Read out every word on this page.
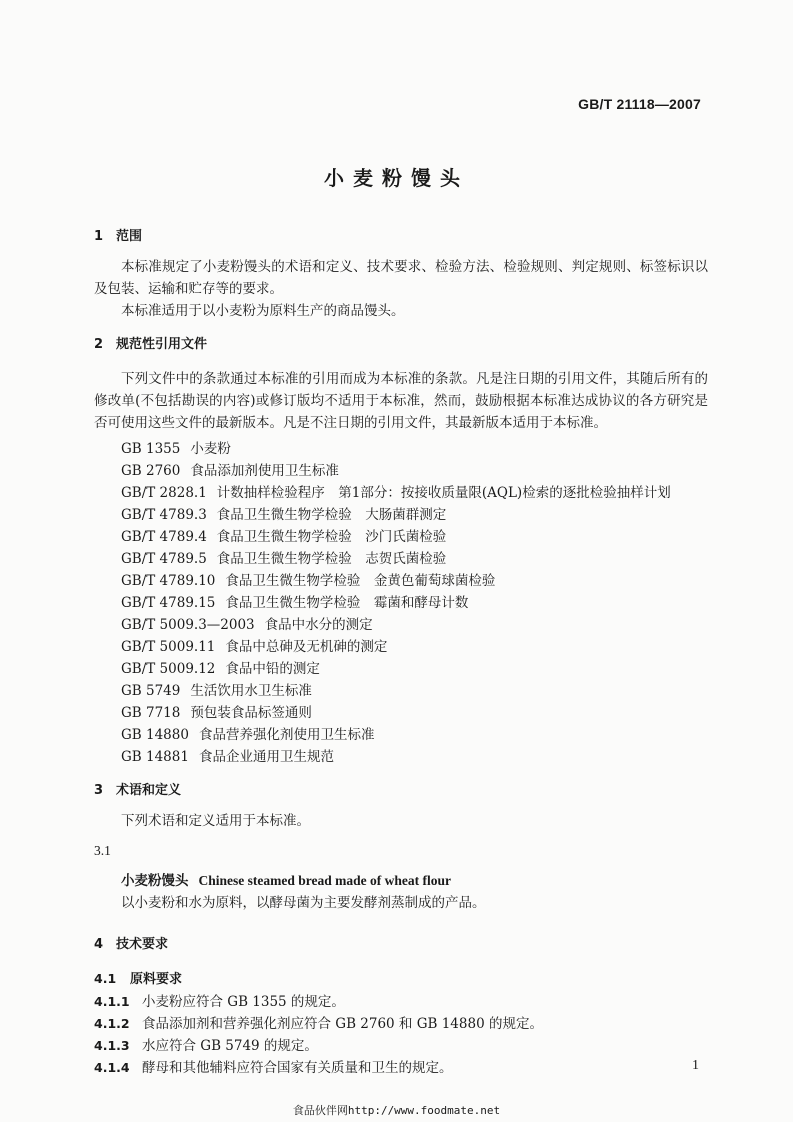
GB/T 21118—2007
小麦粉馒头

1 范围

本标准规定了小麦粉馒头的术语和定义、技术要求、检验方法、检验规则、判定规则、标签标识以及包装、运输和贮存等的要求。

本标准适用于以小麦粉为原料生产的商品馒头。

2 规范性引用文件

下列文件中的条款通过本标准的引用而成为本标准的条款。凡是注日期的引用文件，其随后所有的修改单(不包括勘误的内容)或修订版均不适用于本标准，然而，鼓励根据本标准达成协议的各方研究是否可使用这些文件的最新版本。凡是不注日期的引用文件，其最新版本适用于本标准。

GB 1355 小麦粉
GB 2760 食品添加剂使用卫生标准
GB/T 2828.1 计数抽样检验程序　第1部分：按接收质量限(AQL)检索的逐批检验抽样计划
GB/T 4789.3 食品卫生微生物学检验　大肠菌群测定
GB/T 4789.4 食品卫生微生物学检验　沙门氏菌检验
GB/T 4789.5 食品卫生微生物学检验　志贺氏菌检验
GB/T 4789.10 食品卫生微生物学检验　金黄色葡萄球菌检验
GB/T 4789.15 食品卫生微生物学检验　霉菌和酵母计数
GB/T 5009.3—2003 食品中水分的测定
GB/T 5009.11 食品中总砷及无机砷的测定
GB/T 5009.12 食品中铅的测定
GB 5749 生活饮用水卫生标准
GB 7718 预包装食品标签通则
GB 14880 食品营养强化剂使用卫生标准
GB 14881 食品企业通用卫生规范

3 术语和定义

下列术语和定义适用于本标准。

3.1

小麦粉馒头 Chinese steamed bread made of wheat flour

以小麦粉和水为原料，以酵母菌为主要发酵剂蒸制成的产品。

4 技术要求

4.1 原料要求

4.1.1 小麦粉应符合 GB 1355 的规定。

4.1.2 食品添加剂和营养强化剂应符合 GB 2760 和 GB 14880 的规定。

4.1.3 水应符合 GB 5749 的规定。

4.1.4 酵母和其他辅料应符合国家有关质量和卫生的规定。	1
食品伙伴网http://www.foodmate.net
